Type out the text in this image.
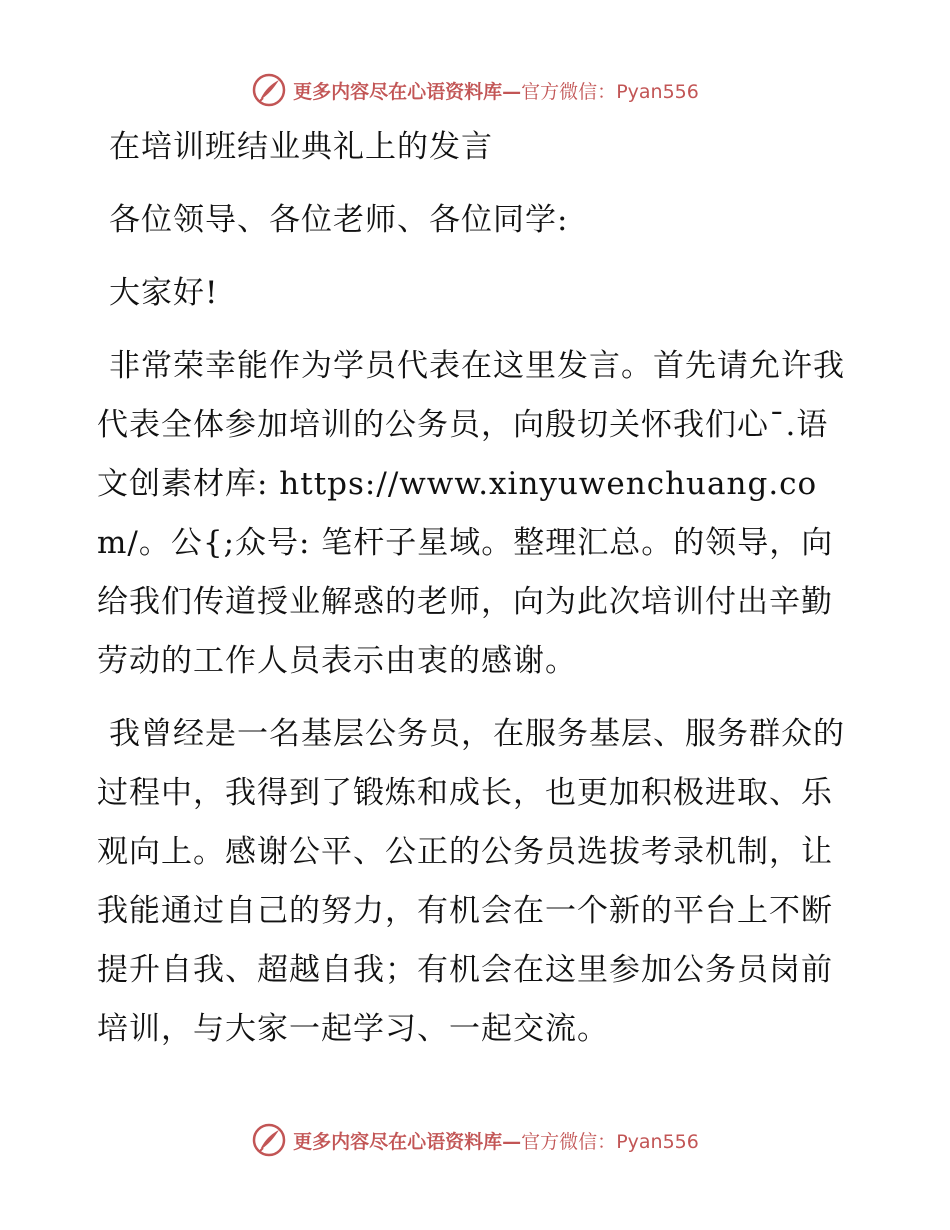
更多内容尽在心语资料库—官方微信：Pyan556

在培训班结业典礼上的发言

各位领导、各位老师、各位同学:

大家好!

非常荣幸能作为学员代表在这里发言。首先请允许我代表全体参加培训的公务员，向殷切关怀我们心¯.语文创素材库: https://www.xinyuwenchuang.com/。公{;众号: 笔杆子星域。整理汇总。的领导，向给我们传道授业解惑的老师，向为此次培训付出辛勤劳动的工作人员表示由衷的感谢。

我曾经是一名基层公务员，在服务基层、服务群众的过程中，我得到了锻炼和成长，也更加积极进取、乐观向上。感谢公平、公正的公务员选拔考录机制，让我能通过自己的努力，有机会在一个新的平台上不断提升自我、超越自我；有机会在这里参加公务员岗前培训，与大家一起学习、一起交流。

更多内容尽在心语资料库—官方微信：Pyan556
